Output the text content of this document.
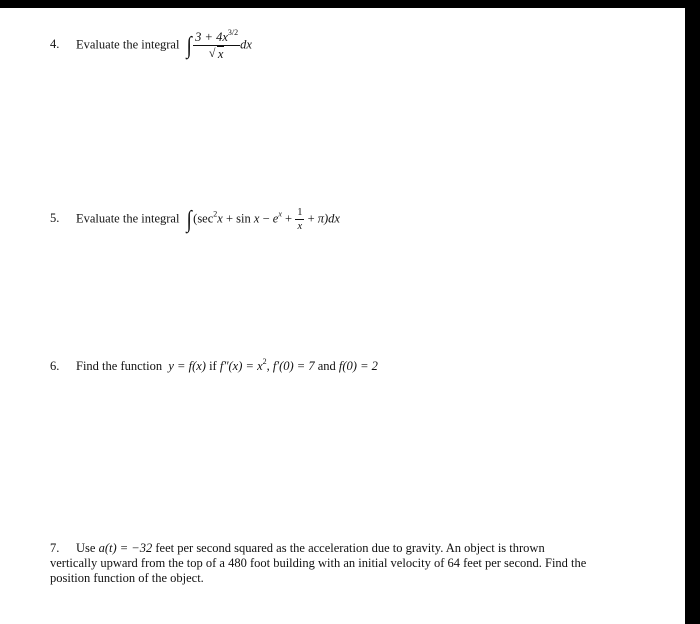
4. Evaluate the integral ∫ $\frac{3 + 4x^{3/2}}{√ x}$ dx
5. Evaluate the integral ∫ $(\sec^2x + \sin x - e^x + \frac{1}{x} + \pi)dx$
6. Find the function y = f(x) if $f''(x) = x^2$, f′(0) = 7 and f(0) = 2
7. Use a(t) = −32 feet per second squared as the acceleration due to gravity. An object is thrown
vertically upward from the top of a 480 foot building with an initial velocity of 64 feet per second. Find the
position function of the object.
